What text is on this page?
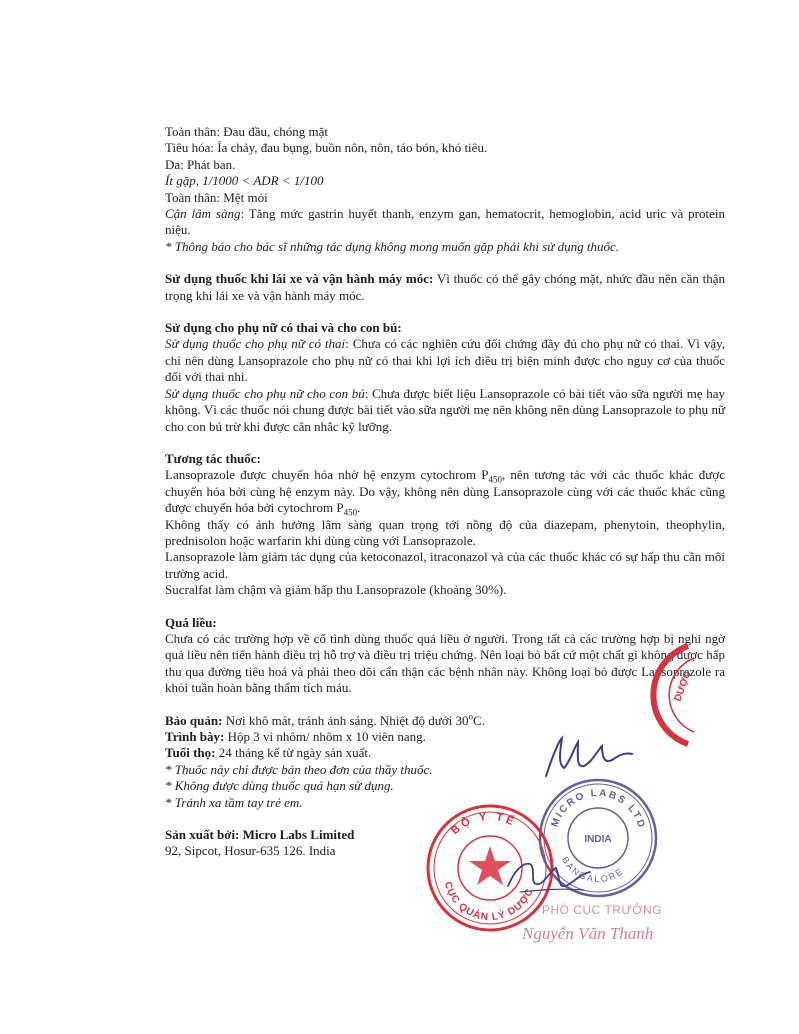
Toàn thân: Đau đầu, chóng mặt

Tiêu hóa: Ỉa chảy, đau bụng, buồn nôn, nôn, táo bón, khó tiêu.

Da: Phát ban.

Ít gặp, 1/1000 < ADR < 1/100

Toàn thân: Mệt mỏi

Cận lâm sàng: Tăng mức gastrin huyết thanh, enzym gan, hematocrit, hemoglobin, acid uric và protein niệu.

* Thông báo cho bác sĩ những tác dụng không mong muốn gặp phải khi sử dụng thuốc.

Sử dụng thuốc khi lái xe và vận hành máy móc: Vì thuốc có thể gây chóng mặt, nhức đầu nên cần thận trọng khi lái xe và vận hành máy móc.

Sử dụng cho phụ nữ có thai và cho con bú:

Sử dụng thuốc cho phụ nữ có thai: Chưa có các nghiên cứu đối chứng đầy đủ cho phụ nữ có thai. Vì vậy, chỉ nên dùng Lansoprazole cho phụ nữ có thai khi lợi ích điều trị biện minh được cho nguy cơ của thuốc đối với thai nhi.

Sử dụng thuốc cho phụ nữ cho con bú: Chưa được biết liệu Lansoprazole có bài tiết vào sữa người mẹ hay không. Vì các thuốc nói chung được bài tiết vào sữa người mẹ nên không nên dùng Lansoprazole to phụ nữ cho con bú trừ khi được cân nhắc kỹ lưỡng.

Tương tác thuốc:

Lansoprazole được chuyển hóa nhờ hệ enzym cytochrom $P_{450}$, nên tương tác với các thuốc khác được chuyển hóa bởi cùng hệ enzym này. Do vậy, không nên dùng Lansoprazole cùng với các thuốc khác cũng được chuyển hóa bởi cytochrom $P_{450}$.

Không thấy có ảnh hưởng lâm sàng quan trọng tới nồng độ của diazepam, phenytoin, theophylin, prednisolon hoặc warfarin khi dùng cùng với Lansoprazole.

Lansoprazole làm giảm tác dụng của ketoconazol, itraconazol và của các thuốc khác có sự hấp thu cần môi trường acid.

Sucralfat làm chậm và giảm hấp thu Lansoprazole (khoảng 30%).

Quá liều:

Chưa có các trường hợp về cố tình dùng thuốc quá liều ở người. Trong tất cả các trường hợp bị nghi ngờ quá liều nên tiến hành điều trị hỗ trợ và điều trị triệu chứng. Nên loại bỏ bất cứ một chất gì không được hấp thu qua đường tiêu hoá và phải theo dõi cẩn thận các bệnh nhân này. Không loại bỏ được Lansoprazole ra khỏi tuần hoàn bằng thẩm tích máu.

Bảo quản: Nơi khô mát, tránh ánh sáng. Nhiệt độ dưới 30$^o$C.

Trình bày: Hộp 3 vỉ nhôm/ nhôm x 10 viên nang.

Tuổi thọ: 24 tháng kể từ ngày sản xuất.

* Thuốc này chỉ được bán theo đơn của thầy thuốc.

* Không được dùng thuốc quá hạn sử dụng.

* Tránh xa tầm tay trẻ em.

Sản xuất bởi: Micro Labs Limited

92, Sipcot, Hosur-635 126. India

DƯỢC
MICRO LABS LTD
BANGALORE
INDIA
BỘ Y TẾ
CỤC QUẢN LÝ DƯỢC
PHÓ CỤC TRƯỞNG
Nguyễn Văn Thanh
